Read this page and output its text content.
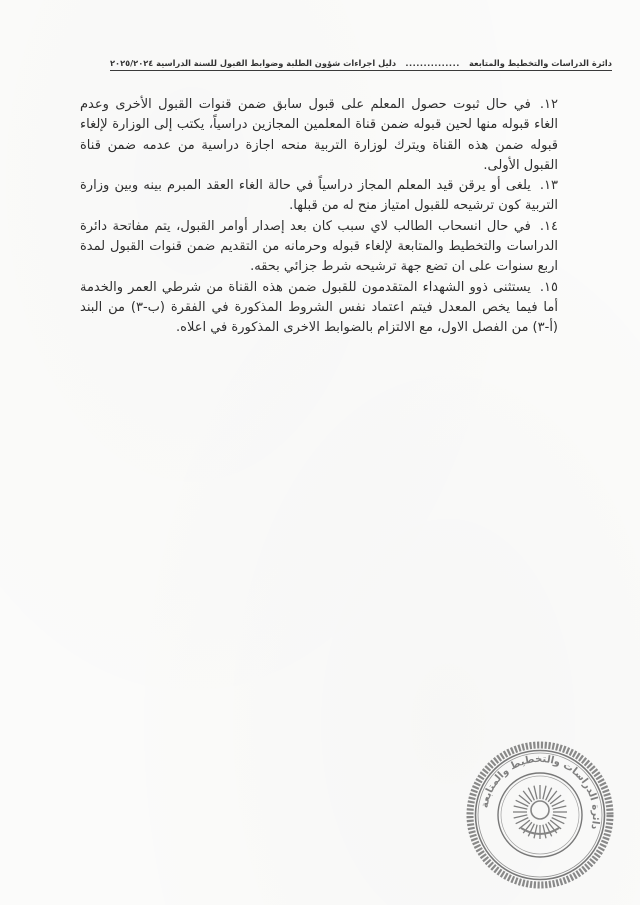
دائرة الدراسات والتخطيط والمتابعة
...............
دليل اجراءات شؤون الطلبة وضوابط القبول للسنة الدراسية ٢٠٢٥/٢٠٢٤

١٢.في حال ثبوت حصول المعلم على قبول سابق ضمن قنوات القبول الأخرى وعدم الغاء قبوله منها لحين قبوله ضمن قناة المعلمين المجازين دراسياً، يكتب إلى الوزارة لإلغاء قبوله ضمن هذه القناة ويترك لوزارة التربية منحه اجازة دراسية من عدمه ضمن قناة القبول الأولى.

١٣.يلغى أو يرقن قيد المعلم المجاز دراسياً في حالة الغاء العقد المبرم بينه وبين وزارة التربية كون ترشيحه للقبول امتياز منح له من قبلها.

١٤.في حال انسحاب الطالب لاي سبب كان بعد إصدار أوامر القبول، يتم مفاتحة دائرة الدراسات والتخطيط والمتابعة لإلغاء قبوله وحرمانه من التقديم ضمن قنوات القبول لمدة اربع سنوات على ان تضع جهة ترشيحه شرط جزائي بحقه.

١٥.يستثنى ذوو الشهداء المتقدمون للقبول ضمن هذه القناة من شرطي العمر والخدمة أما فيما يخص المعدل فيتم اعتماد نفس الشروط المذكورة في الفقرة (ب-٣) من البند (أ-٣) من الفصل الاول، مع الالتزام بالضوابط الاخرى المذكورة في اعلاه.

دائرة الدراسات والتخطيط والمتابعة
